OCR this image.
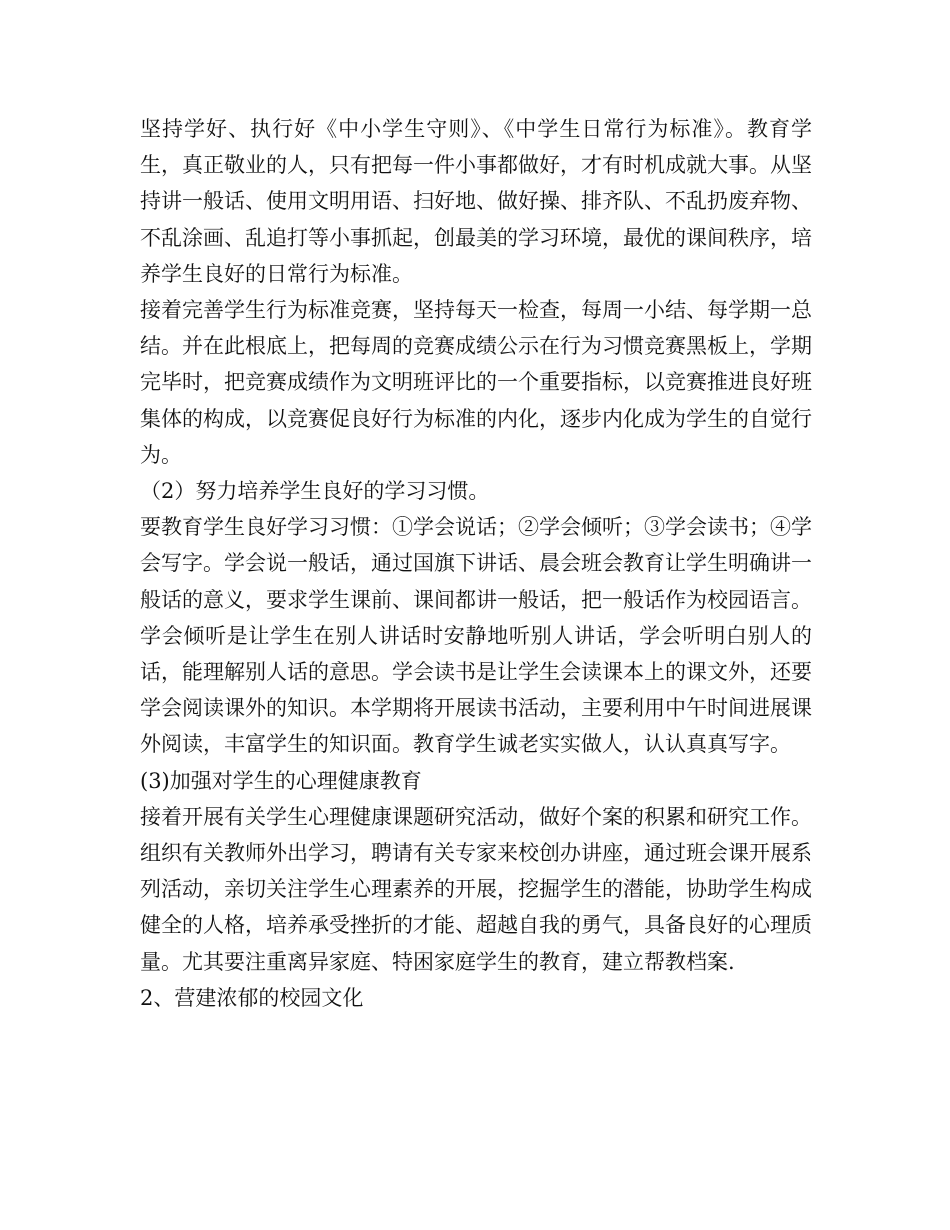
坚持学好、执行好《中小学生守则》、《中学生日常行为标准》。教育学生，真正敬业的人，只有把每一件小事都做好，才有时机成就大事。从坚持讲一般话、使用文明用语、扫好地、做好操、排齐队、不乱扔废弃物、不乱涂画、乱追打等小事抓起，创最美的学习环境，最优的课间秩序，培养学生良好的日常行为标准。

接着完善学生行为标准竞赛，坚持每天一检查，每周一小结、每学期一总结。并在此根底上，把每周的竞赛成绩公示在行为习惯竞赛黑板上，学期完毕时，把竞赛成绩作为文明班评比的一个重要指标，以竞赛推进良好班集体的构成，以竞赛促良好行为标准的内化，逐步内化成为学生的自觉行为。

（2）努力培养学生良好的学习习惯。

要教育学生良好学习习惯：①学会说话；②学会倾听；③学会读书；④学会写字。学会说一般话，通过国旗下讲话、晨会班会教育让学生明确讲一般话的意义，要求学生课前、课间都讲一般话，把一般话作为校园语言。学会倾听是让学生在别人讲话时安静地听别人讲话，学会听明白别人的话，能理解别人话的意思。学会读书是让学生会读课本上的课文外，还要学会阅读课外的知识。本学期将开展读书活动，主要利用中午时间进展课外阅读，丰富学生的知识面。教育学生诚老实实做人，认认真真写字。

(3)加强对学生的心理健康教育

接着开展有关学生心理健康课题研究活动，做好个案的积累和研究工作。组织有关教师外出学习，聘请有关专家来校创办讲座，通过班会课开展系列活动，亲切关注学生心理素养的开展，挖掘学生的潜能，协助学生构成健全的人格，培养承受挫折的才能、超越自我的勇气，具备良好的心理质量。尤其要注重离异家庭、特困家庭学生的教育，建立帮教档案.

2、营建浓郁的校园文化
